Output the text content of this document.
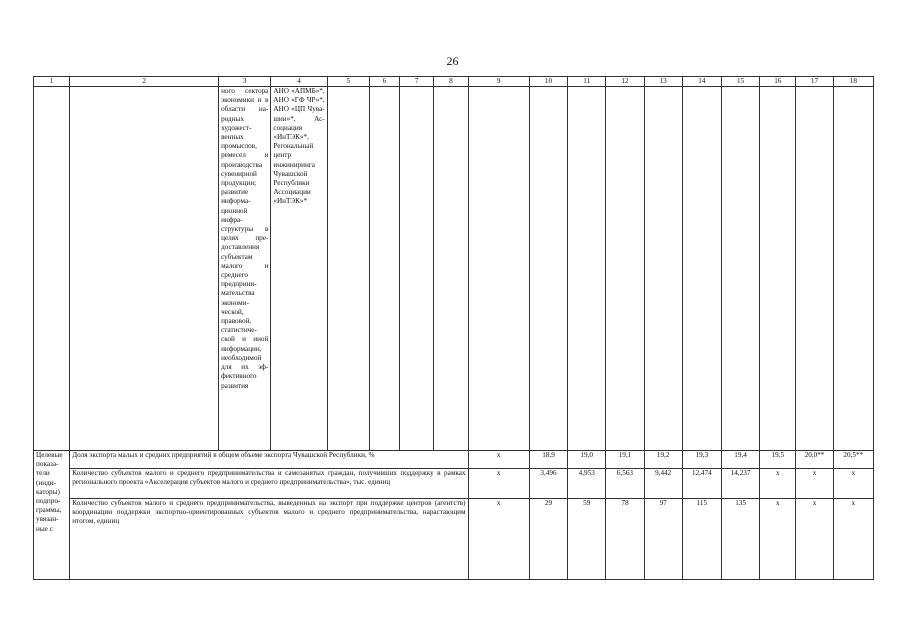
26
1	2	3	4	5	6	7	8	9	10	11	12	13	14	15	16	17	18
		ного сектора экономики и в области народных художественных промыслов, ремесел и производства сувенирной продукции; развитие информационной инфраструктуры в целях предоставления субъектам малого и среднего предпринимательства экономической, правовой, статистической и иной информации, необходимой для их эффективного развития	АНО «АПМБ»*, АНО «ГФ ЧР»*, АНО «ЦП Чувашии»*, Ассоциация «ИнТЭК»*, Регональный центр инжиниринга Чувашской Республики Ассоциации «ИнТЭК»*														
Целевые показатели (индикаторы) подпрограммы, увязанные с	Доля экспорта малых и средних предприятий в общем объеме экспорта Чувашской Республики, %							x	18,9	19,0	19,1	19,2	19,3	19,4	19,5	20,0**	20,5**
	Количество субъектов малого и среднего предпринимательства и самозанятых граждан, получивших поддержку в рамках регионального проекта «Акселерация субъектов малого и среднего предпринимательства», тыс. единиц							x	3,496	4,953	6,563	9,442	12,474	14,237	x	x	x
	Количество субъектов малого и среднего предпринимательства, выведенных на экспорт при поддержке центров (агентств) координации поддержки экспортно-ориентированных субъектов малого и среднего предпринимательства, нарастающим итогом, единиц							x	29	59	78	97	115	135	x	x	x
